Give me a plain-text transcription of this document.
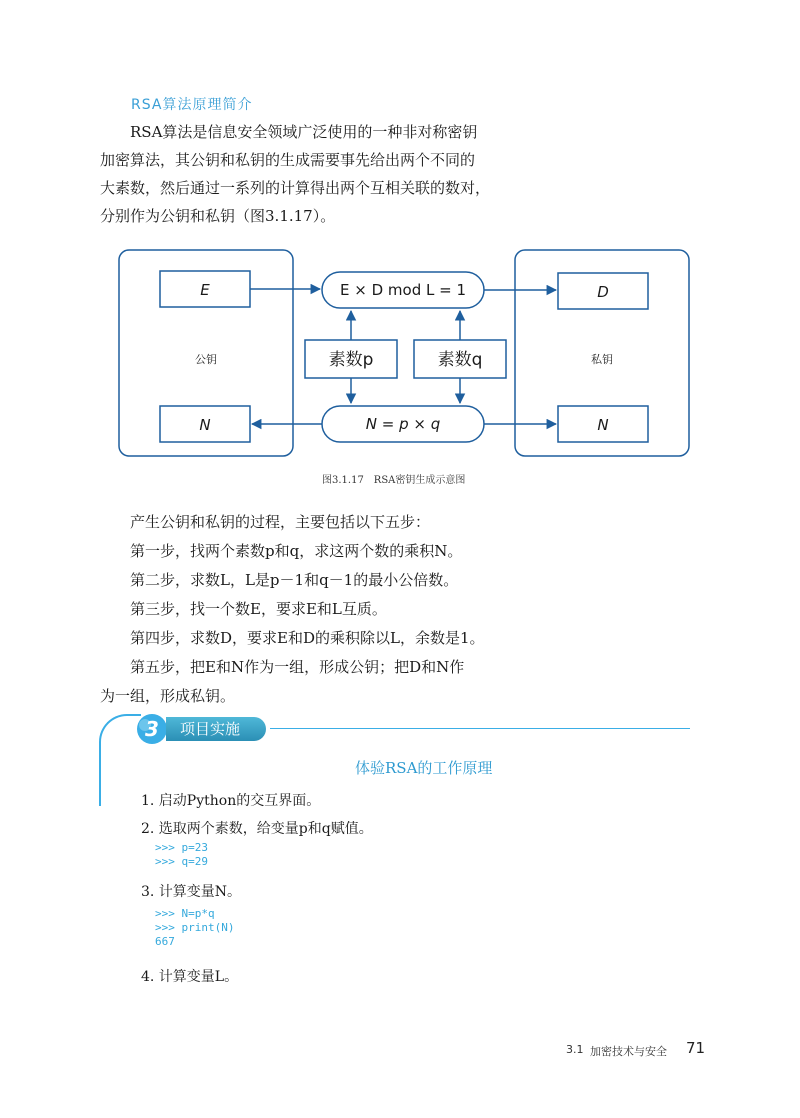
RSA算法原理简介
RSA算法是信息安全领域广泛使用的一种非对称密钥
加密算法，其公钥和私钥的生成需要事先给出两个不同的
大素数，然后通过一系列的计算得出两个互相关联的数对，
分别作为公钥和私钥（图3.1.17）。
E
N
D
N
E × D mod L = 1
N = p × q
素数p	素数q
公钥	私钥
图3.1.17　RSA密钥生成示意图
产生公钥和私钥的过程，主要包括以下五步：
第一步，找两个素数p和q，求这两个数的乘积N。
第二步，求数L，L是p－1和q－1的最小公倍数。
第三步，找一个数E，要求E和L互质。
第四步，求数D，要求E和D的乘积除以L，余数是1。
第五步，把E和N作为一组，形成公钥；把D和N作
为一组，形成私钥。
3	项目实施
体验RSA的工作原理
1. 启动Python的交互界面。
2. 选取两个素数，给变量p和q赋值。
>>> p=23
>>> q=29
3. 计算变量N。
>>> N=p*q
>>> print(N)
667
4. 计算变量L。
3.1 加密技术与安全 71
